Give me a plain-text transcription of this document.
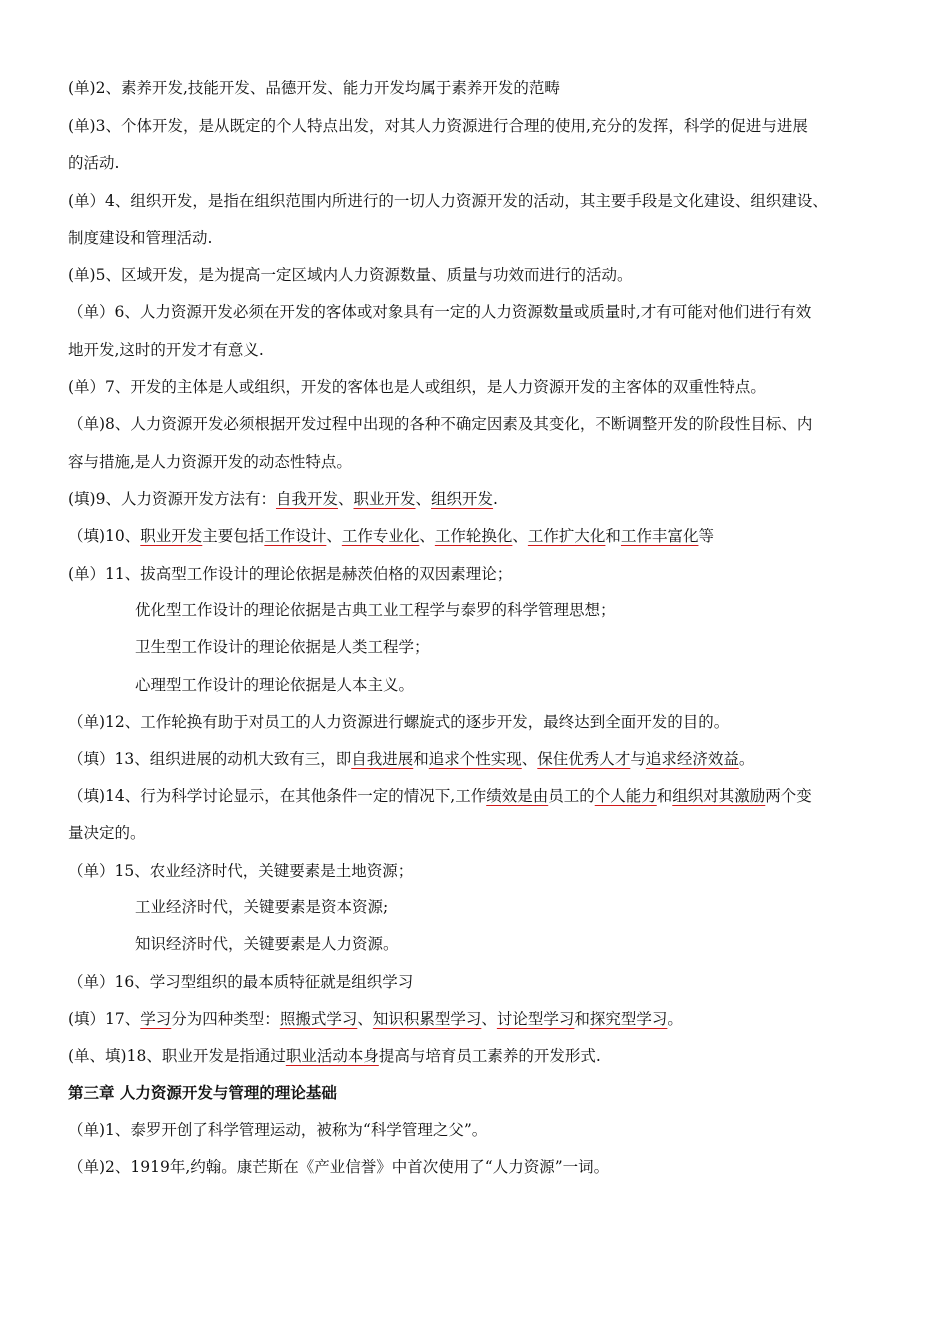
(单)2、素养开发,技能开发、品德开发、能力开发均属于素养开发的范畴
(单)3、个体开发，是从既定的个人特点出发，对其人力资源进行合理的使用,充分的发挥，科学的促进与进展
的活动.
(单）4、组织开发，是指在组织范围内所进行的一切人力资源开发的活动，其主要手段是文化建设、组织建设、
制度建设和管理活动.
(单)5、区域开发，是为提高一定区域内人力资源数量、质量与功效而进行的活动。
（单）6、人力资源开发必须在开发的客体或对象具有一定的人力资源数量或质量时,才有可能对他们进行有效
地开发,这时的开发才有意义.
(单）7、开发的主体是人或组织，开发的客体也是人或组织，是人力资源开发的主客体的双重性特点。
（单)8、人力资源开发必须根据开发过程中出现的各种不确定因素及其变化，不断调整开发的阶段性目标、内
容与措施,是人力资源开发的动态性特点。
(填)9、人力资源开发方法有：自我开发、职业开发、组织开发.
（填)10、职业开发主要包括工作设计、工作专业化、工作轮换化、工作扩大化和工作丰富化等
(单）11、拔高型工作设计的理论依据是赫茨伯格的双因素理论；
优化型工作设计的理论依据是古典工业工程学与泰罗的科学管理思想；
卫生型工作设计的理论依据是人类工程学；
心理型工作设计的理论依据是人本主义。
（单)12、工作轮换有助于对员工的人力资源进行螺旋式的逐步开发，最终达到全面开发的目的。
（填）13、组织进展的动机大致有三，即自我进展和追求个性实现、保住优秀人才与追求经济效益。
（填)14、行为科学讨论显示，在其他条件一定的情况下,工作绩效是由员工的个人能力和组织对其激励两个变
量决定的。
（单）15、农业经济时代，关键要素是土地资源；
工业经济时代，关键要素是资本资源;
知识经济时代，关键要素是人力资源。
（单）16、学习型组织的最本质特征就是组织学习
(填）17、学习分为四种类型：照搬式学习、知识积累型学习、讨论型学习和探究型学习。
(单、填)18、职业开发是指通过职业活动本身提高与培育员工素养的开发形式.
第三章 人力资源开发与管理的理论基础
（单)1、泰罗开创了科学管理运动，被称为“科学管理之父”。
（单)2、1919年,约翰。康芒斯在《产业信誉》中首次使用了“人力资源”一词。
